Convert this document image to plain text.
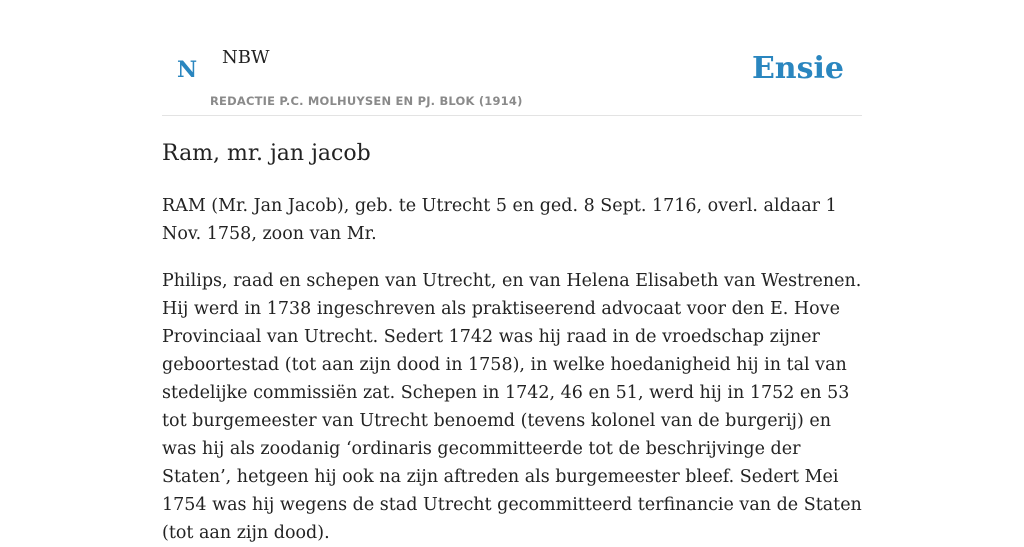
N NBW
REDACTIE P.C. MOLHUYSEN EN PJ. BLOK (1914)
Ensie
Ram, mr. jan jacob

RAM (Mr. Jan Jacob), geb. te Utrecht 5 en ged. 8 Sept. 1716, overl. aldaar 1 Nov. 1758, zoon van Mr.

Philips, raad en schepen van Utrecht, en van Helena Elisabeth van Westrenen. Hij werd in 1738 ingeschreven als praktiseerend advocaat voor den E. Hove Provinciaal van Utrecht. Sedert 1742 was hij raad in de vroedschap zijner geboortestad (tot aan zijn dood in 1758), in welke hoedanigheid hij in tal van stedelijke commissiën zat. Schepen in 1742, 46 en 51, werd hij in 1752 en 53 tot burgemeester van Utrecht benoemd (tevens kolonel van de burgerij) en was hij als zoodanig ‘ordinaris gecommitteerde tot de beschrijvinge der Staten’, hetgeen hij ook na zijn aftreden als burgemeester bleef. Sedert Mei 1754 was hij wegens de stad Utrecht gecommitteerd terfinancie van de Staten (tot aan zijn dood).
